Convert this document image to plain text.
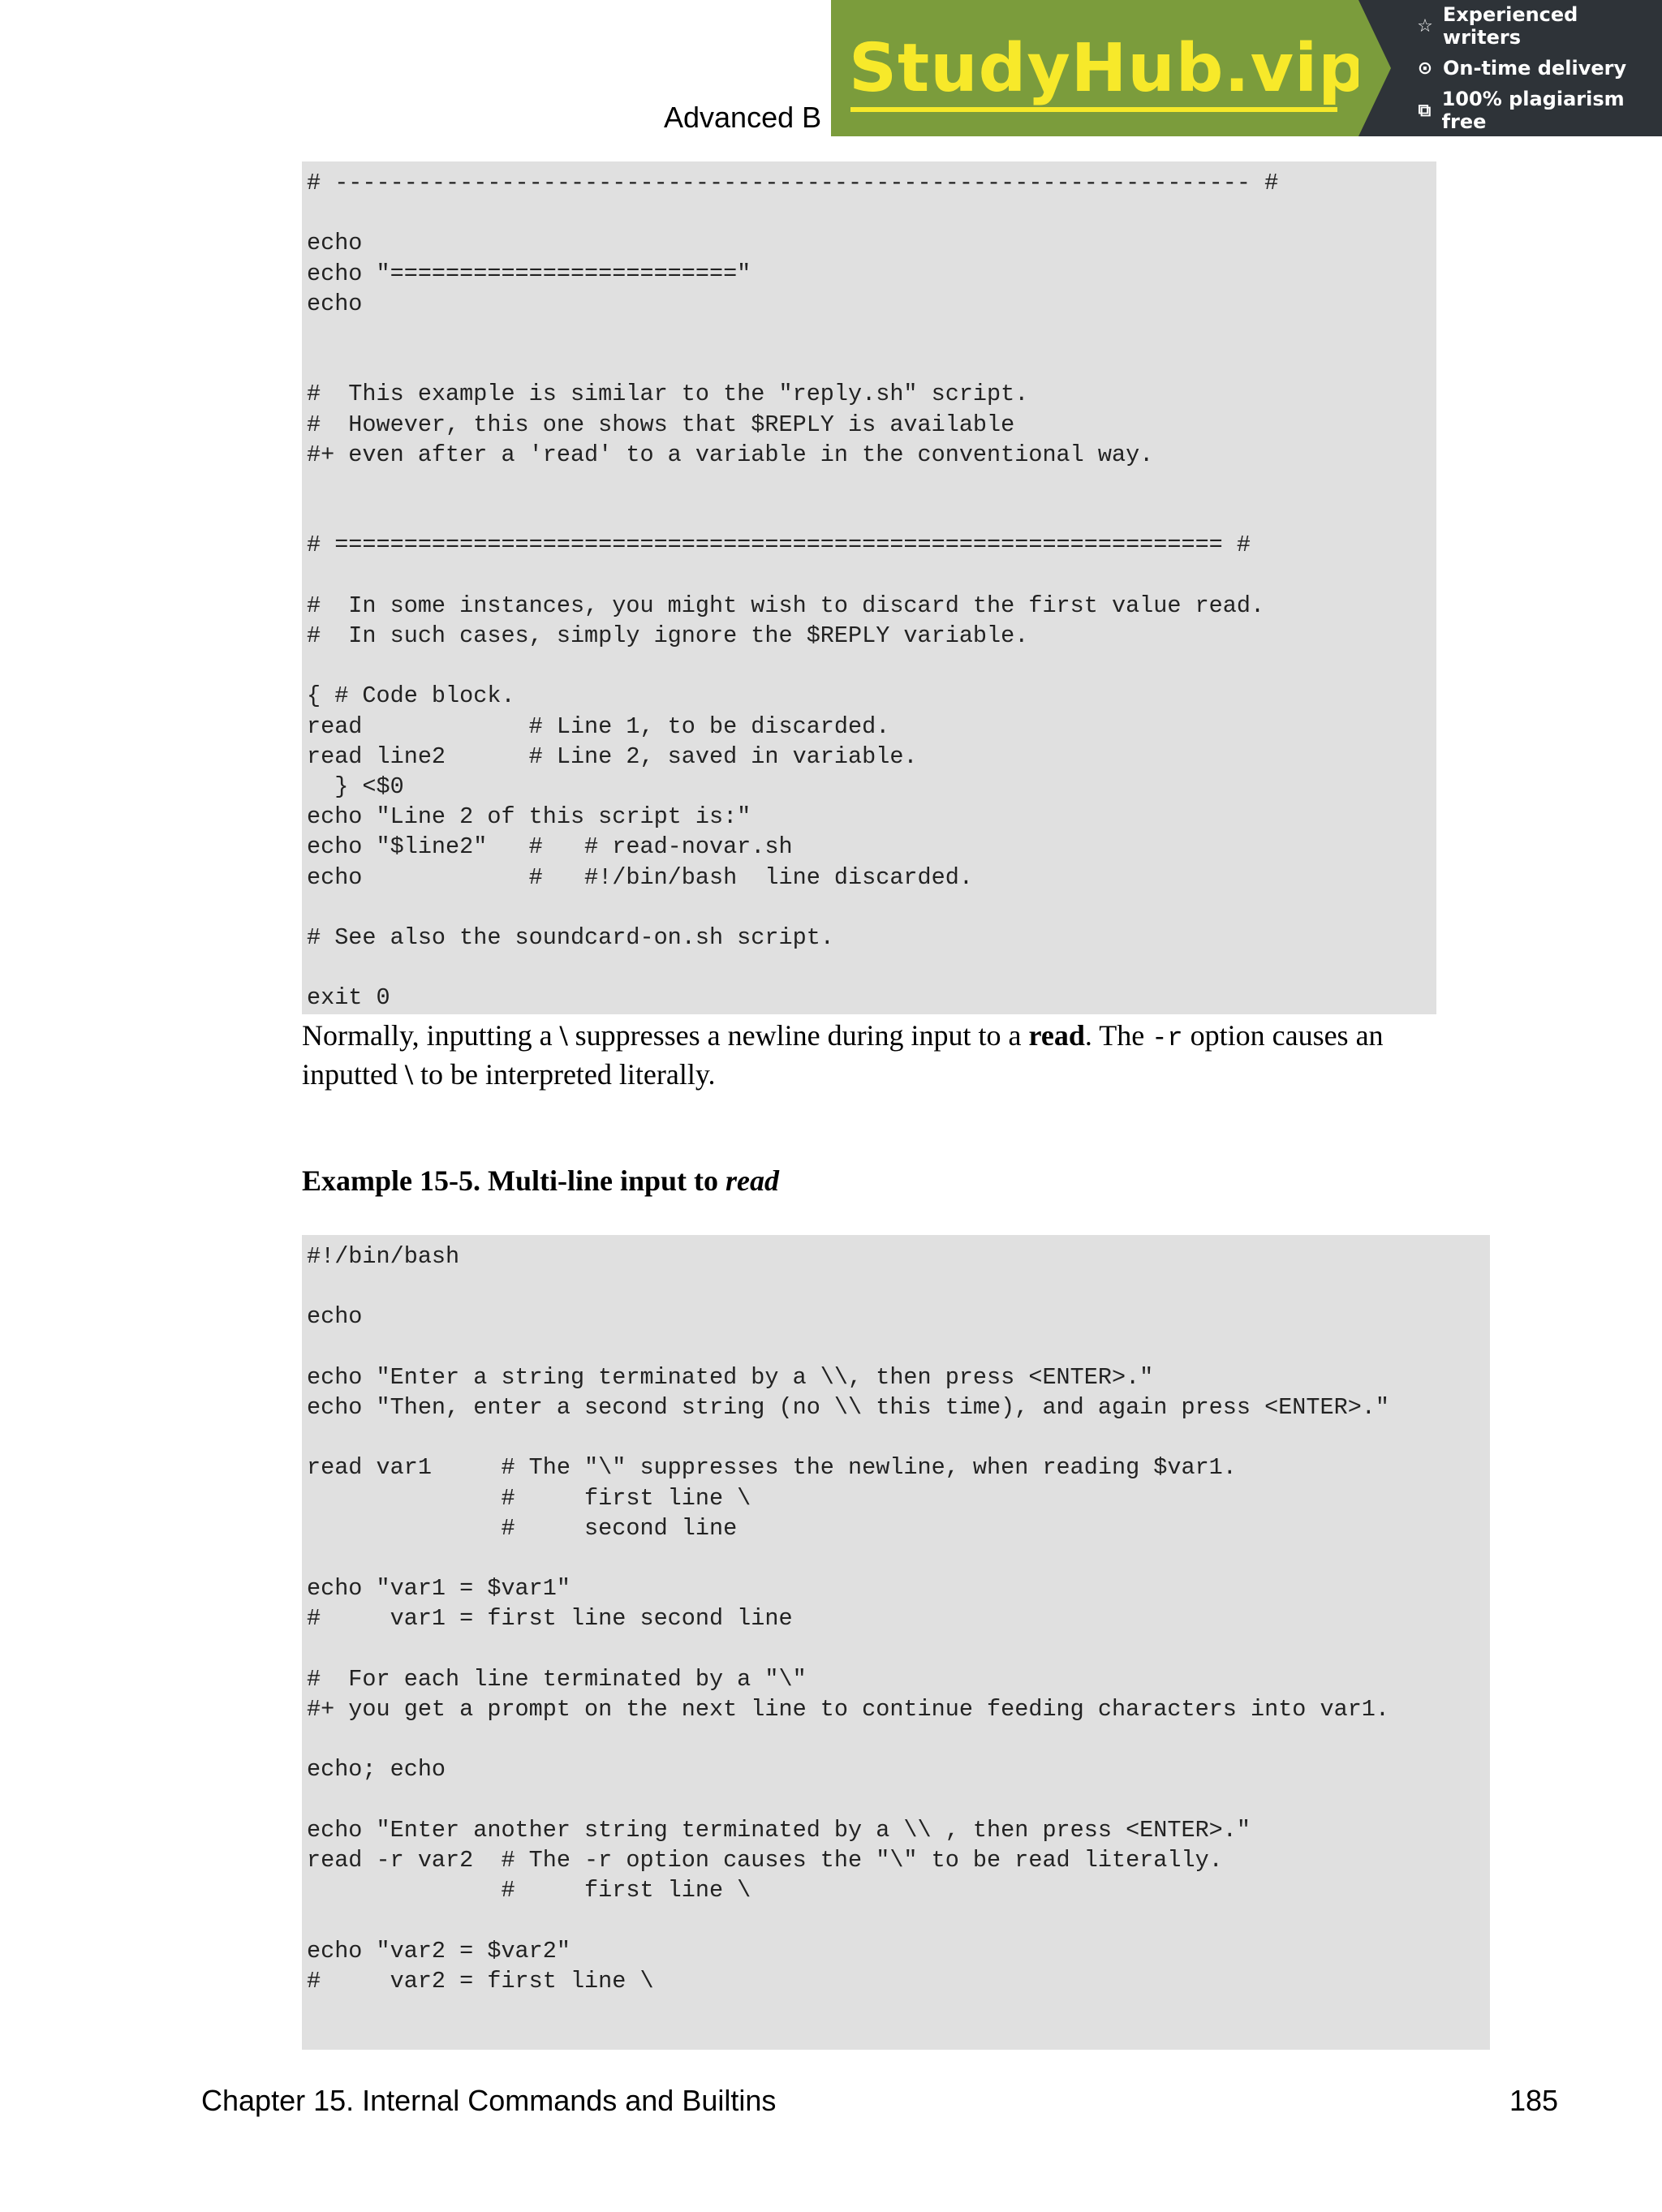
Advanced B
StudyHub.vip
☆ Experienced writers
⊙ On-time delivery
⧉ 100% plagiarism free
# ------------------------------------------------------------------ #

echo
echo "========================="
echo

#  This example is similar to the "reply.sh" script.
#  However, this one shows that $REPLY is available
#+ even after a 'read' to a variable in the conventional way.

# ================================================================ #

#  In some instances, you might wish to discard the first value read.
#  In such cases, simply ignore the $REPLY variable.

{ # Code block.
read            # Line 1, to be discarded.
read line2      # Line 2, saved in variable.
} <$0
echo "Line 2 of this script is:"
echo "$line2"   #   # read-novar.sh
echo            #   #!/bin/bash  line discarded.

# See also the soundcard-on.sh script.

exit 0
Normally, inputting a \ suppresses a newline during input to a read. The -r option causes an inputted \ to be interpreted literally.
Example 15-5. Multi-line input to read
#!/bin/bash

echo

echo "Enter a string terminated by a \\, then press <ENTER>."
echo "Then, enter a second string (no \\ this time), and again press <ENTER>."

read var1     # The "\" suppresses the newline, when reading $var1.
#     first line \
#     second line

echo "var1 = $var1"
#     var1 = first line second line

#  For each line terminated by a "\"
#+ you get a prompt on the next line to continue feeding characters into var1.

echo; echo

echo "Enter another string terminated by a \\ , then press <ENTER>."
read -r var2  # The -r option causes the "\" to be read literally.
#     first line \

echo "var2 = $var2"
#     var2 = first line \
Chapter 15. Internal Commands and Builtins	185
